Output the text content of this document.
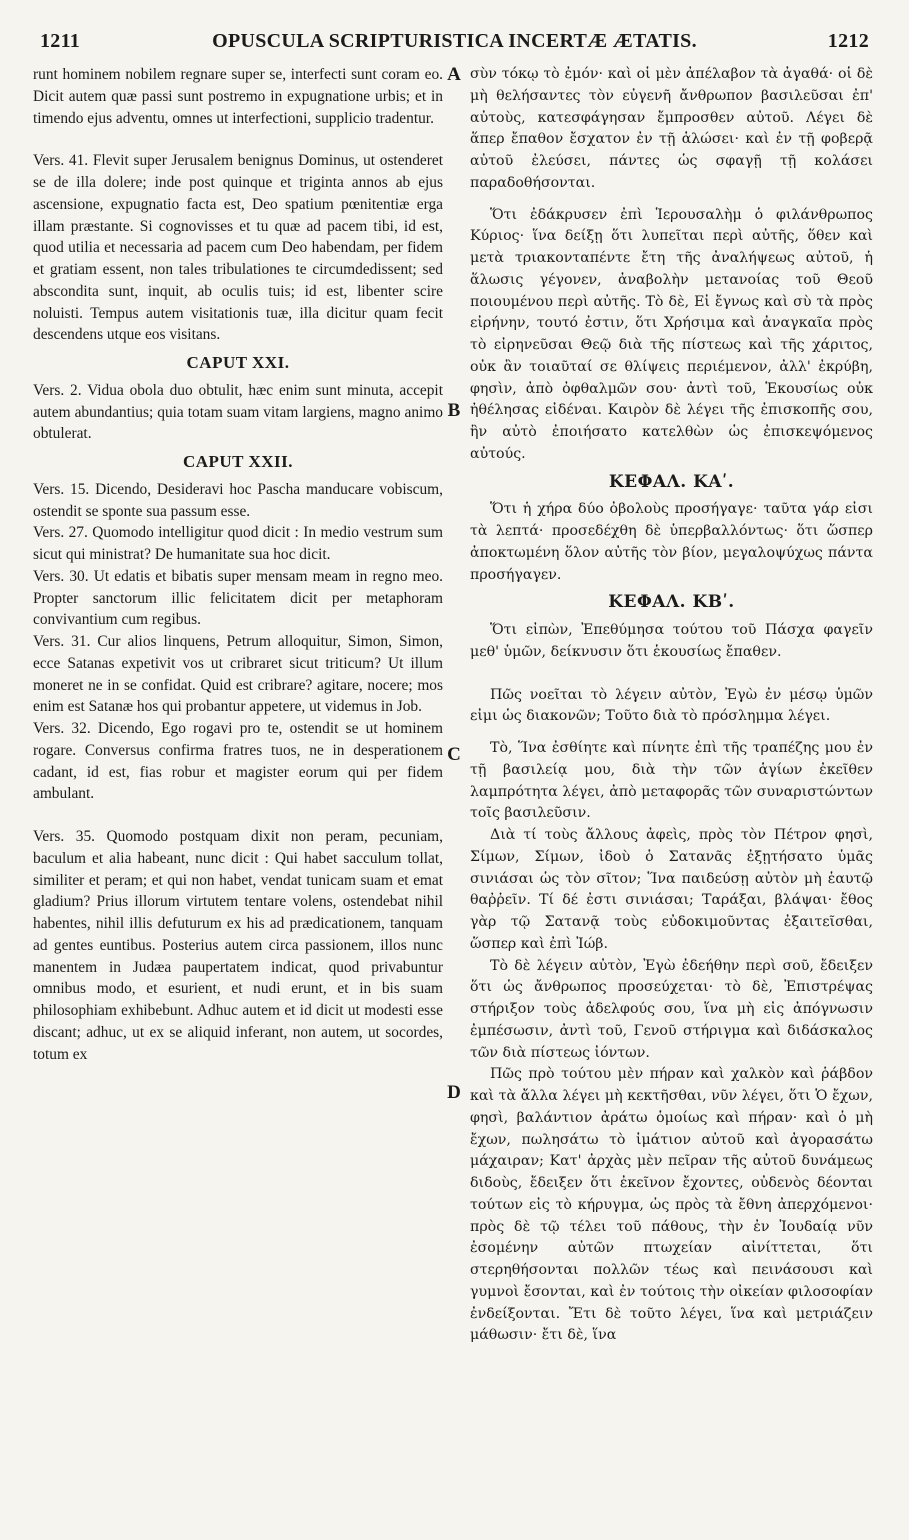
1211	OPUSCULA SCRIPTURISTICA INCERTÆ ÆTATIS.	1212
A
B
C
D

runt hominem nobilem regnare super se, interfecti sunt coram eo. Dicit autem quæ passi sunt postremo in expugnatione urbis; et in timendo ejus adventu, omnes ut interfectioni, supplicio tradentur.

Vers. 41. Flevit super Jerusalem benignus Dominus, ut ostenderet se de illa dolere; inde post quinque et triginta annos ab ejus ascensione, expugnatio facta est, Deo spatium pœnitentiæ erga illam præstante. Si cognovisses et tu quæ ad pacem tibi, id est, quod utilia et necessaria ad pacem cum Deo habendam, per fidem et gratiam essent, non tales tribulationes te circumdedissent; sed abscondita sunt, inquit, ab oculis tuis; id est, libenter scire noluisti. Tempus autem visitationis tuæ, illa dicitur quam fecit descendens utque eos visitans.

CAPUT XXI.

Vers. 2. Vidua obola duo obtulit, hæc enim sunt minuta, accepit autem abundantius; quia totam suam vitam largiens, magno animo obtulerat.

CAPUT XXII.

Vers. 15. Dicendo, Desideravi hoc Pascha manducare vobiscum, ostendit se sponte sua passum esse.

Vers. 27. Quomodo intelligitur quod dicit : In medio vestrum sum sicut qui ministrat? De humanitate sua hoc dicit.

Vers. 30. Ut edatis et bibatis super mensam meam in regno meo. Propter sanctorum illic felicitatem dicit per metaphoram convivantium cum regibus.

Vers. 31. Cur alios linquens, Petrum alloquitur, Simon, Simon, ecce Satanas expetivit vos ut cribraret sicut triticum? Ut illum moneret ne in se confidat. Quid est cribrare? agitare, nocere; mos enim est Satanæ hos qui probantur appetere, ut videmus in Job.

Vers. 32. Dicendo, Ego rogavi pro te, ostendit se ut hominem rogare. Conversus confirma fratres tuos, ne in desperationem cadant, id est, fias robur et magister eorum qui per fidem ambulant.

Vers. 35. Quomodo postquam dixit non peram, pecuniam, baculum et alia habeant, nunc dicit : Qui habet sacculum tollat, similiter et peram; et qui non habet, vendat tunicam suam et emat gladium? Prius illorum virtutem tentare volens, ostendebat nihil habentes, nihil illis defuturum ex his ad prædicationem, tanquam ad gentes euntibus. Posterius autem circa passionem, illos nunc manentem in Judæa paupertatem indicat, quod privabuntur omnibus modo, et esurient, et nudi erunt, et in bis suam philosophiam exhibebunt. Adhuc autem et id dicit ut modesti esse discant; adhuc, ut ex se aliquid inferant, non autem, ut socordes, totum ex

σὺν τόκῳ τὸ ἐμόν· καὶ οἱ μὲν ἀπέλαβον τὰ ἀγαθά· οἱ δὲ μὴ θελήσαντες τὸν εὐγενῆ ἄνθρωπον βασιλεῦσαι ἐπ' αὐτοὺς, κατεσφάγησαν ἔμπροσθεν αὐτοῦ. Λέγει δὲ ἅπερ ἔπαθον ἔσχατον ἐν τῇ ἁλώσει· καὶ ἐν τῇ φοβερᾷ αὐτοῦ ἐλεύσει, πάντες ὡς σφαγῇ τῇ κολάσει παραδοθήσονται.

Ὅτι ἐδάκρυσεν ἐπὶ Ἱερουσαλὴμ ὁ φιλάνθρωπος Κύριος· ἵνα δείξῃ ὅτι λυπεῖται περὶ αὐτῆς, ὅθεν καὶ μετὰ τριακονταπέντε ἔτη τῆς ἀναλήψεως αὐτοῦ, ἡ ἅλωσις γέγονεν, ἀναβολὴν μετανοίας τοῦ Θεοῦ ποιουμένου περὶ αὐτῆς. Τὸ δὲ, Εἰ ἔγνως καὶ σὺ τὰ πρὸς εἰρήνην, τουτό ἐστιν, ὅτι Χρήσιμα καὶ ἀναγκαῖα πρὸς τὸ εἰρηνεῦσαι Θεῷ διὰ τῆς πίστεως καὶ τῆς χάριτος, οὐκ ἂν τοιαῦταί σε θλίψεις περιέμενον, ἀλλ' ἐκρύβη, φησὶν, ἀπὸ ὀφθαλμῶν σου· ἀντὶ τοῦ, Ἑκουσίως οὐκ ἠθέλησας εἰδέναι. Καιρὸν δὲ λέγει τῆς ἐπισκοπῆς σου, ἣν αὐτὸ ἐποιήσατο κατελθὼν ὡς ἐπισκεψόμενος αὐτούς.

ΚΕΦΑΛ. ΚΑʹ.

Ὅτι ἡ χήρα δύο ὀβολοὺς προσήγαγε· ταῦτα γάρ εἰσι τὰ λεπτά· προσεδέχθη δὲ ὑπερβαλλόντως· ὅτι ὥσπερ ἀποκτωμένη ὅλον αὐτῆς τὸν βίον, μεγαλοψύχως πάντα προσήγαγεν.

ΚΕΦΑΛ. ΚΒʹ.

Ὅτι εἰπὼν, Ἐπεθύμησα τούτου τοῦ Πάσχα φαγεῖν μεθ' ὑμῶν, δείκνυσιν ὅτι ἑκουσίως ἔπαθεν.

Πῶς νοεῖται τὸ λέγειν αὐτὸν, Ἐγὼ ἐν μέσῳ ὑμῶν εἰμι ὡς διακονῶν; Τοῦτο διὰ τὸ πρόσλημμα λέγει.

Τὸ, Ἵνα ἐσθίητε καὶ πίνητε ἐπὶ τῆς τραπέζης μου ἐν τῇ βασιλείᾳ μου, διὰ τὴν τῶν ἁγίων ἐκεῖθεν λαμπρότητα λέγει, ἀπὸ μεταφορᾶς τῶν συναριστώντων τοῖς βασιλεῦσιν.

Διὰ τί τοὺς ἄλλους ἀφεὶς, πρὸς τὸν Πέτρον φησὶ, Σίμων, Σίμων, ἰδοὺ ὁ Σατανᾶς ἐξῃτήσατο ὑμᾶς σινιάσαι ὡς τὸν σῖτον; Ἵνα παιδεύσῃ αὐτὸν μὴ ἑαυτῷ θαῤῥεῖν. Τί δέ ἐστι σινιάσαι; Ταράξαι, βλάψαι· ἔθος γὰρ τῷ Σατανᾷ τοὺς εὐδοκιμοῦντας ἐξαιτεῖσθαι, ὥσπερ καὶ ἐπὶ Ἰώβ.

Τὸ δὲ λέγειν αὐτὸν, Ἐγὼ ἐδεήθην περὶ σοῦ, ἔδειξεν ὅτι ὡς ἄνθρωπος προσεύχεται· τὸ δὲ, Ἐπιστρέψας στήριξον τοὺς ἀδελφούς σου, ἵνα μὴ εἰς ἀπόγνωσιν ἐμπέσωσιν, ἀντὶ τοῦ, Γενοῦ στήριγμα καὶ διδάσκαλος τῶν διὰ πίστεως ἰόντων.

Πῶς πρὸ τούτου μὲν πήραν καὶ χαλκὸν καὶ ῥάβδον καὶ τὰ ἄλλα λέγει μὴ κεκτῆσθαι, νῦν λέγει, ὅτι Ὁ ἔχων, φησὶ, βαλάντιον ἀράτω ὁμοίως καὶ πήραν· καὶ ὁ μὴ ἔχων, πωλησάτω τὸ ἱμάτιον αὐτοῦ καὶ ἀγορασάτω μάχαιραν; Κατ' ἀρχὰς μὲν πεῖραν τῆς αὐτοῦ δυνάμεως διδοὺς, ἔδειξεν ὅτι ἐκεῖνον ἔχοντες, οὐδενὸς δέονται τούτων εἰς τὸ κήρυγμα, ὡς πρὸς τὰ ἔθνη ἀπερχόμενοι· πρὸς δὲ τῷ τέλει τοῦ πάθους, τὴν ἐν Ἰουδαίᾳ νῦν ἐσομένην αὐτῶν πτωχείαν αἰνίττεται, ὅτι στερηθήσονται πολλῶν τέως καὶ πεινάσουσι καὶ γυμνοὶ ἔσονται, καὶ ἐν τούτοις τὴν οἰκείαν φιλοσοφίαν ἐνδείξονται. Ἔτι δὲ τοῦτο λέγει, ἵνα καὶ μετριάζειν μάθωσιν· ἔτι δὲ, ἵνα
